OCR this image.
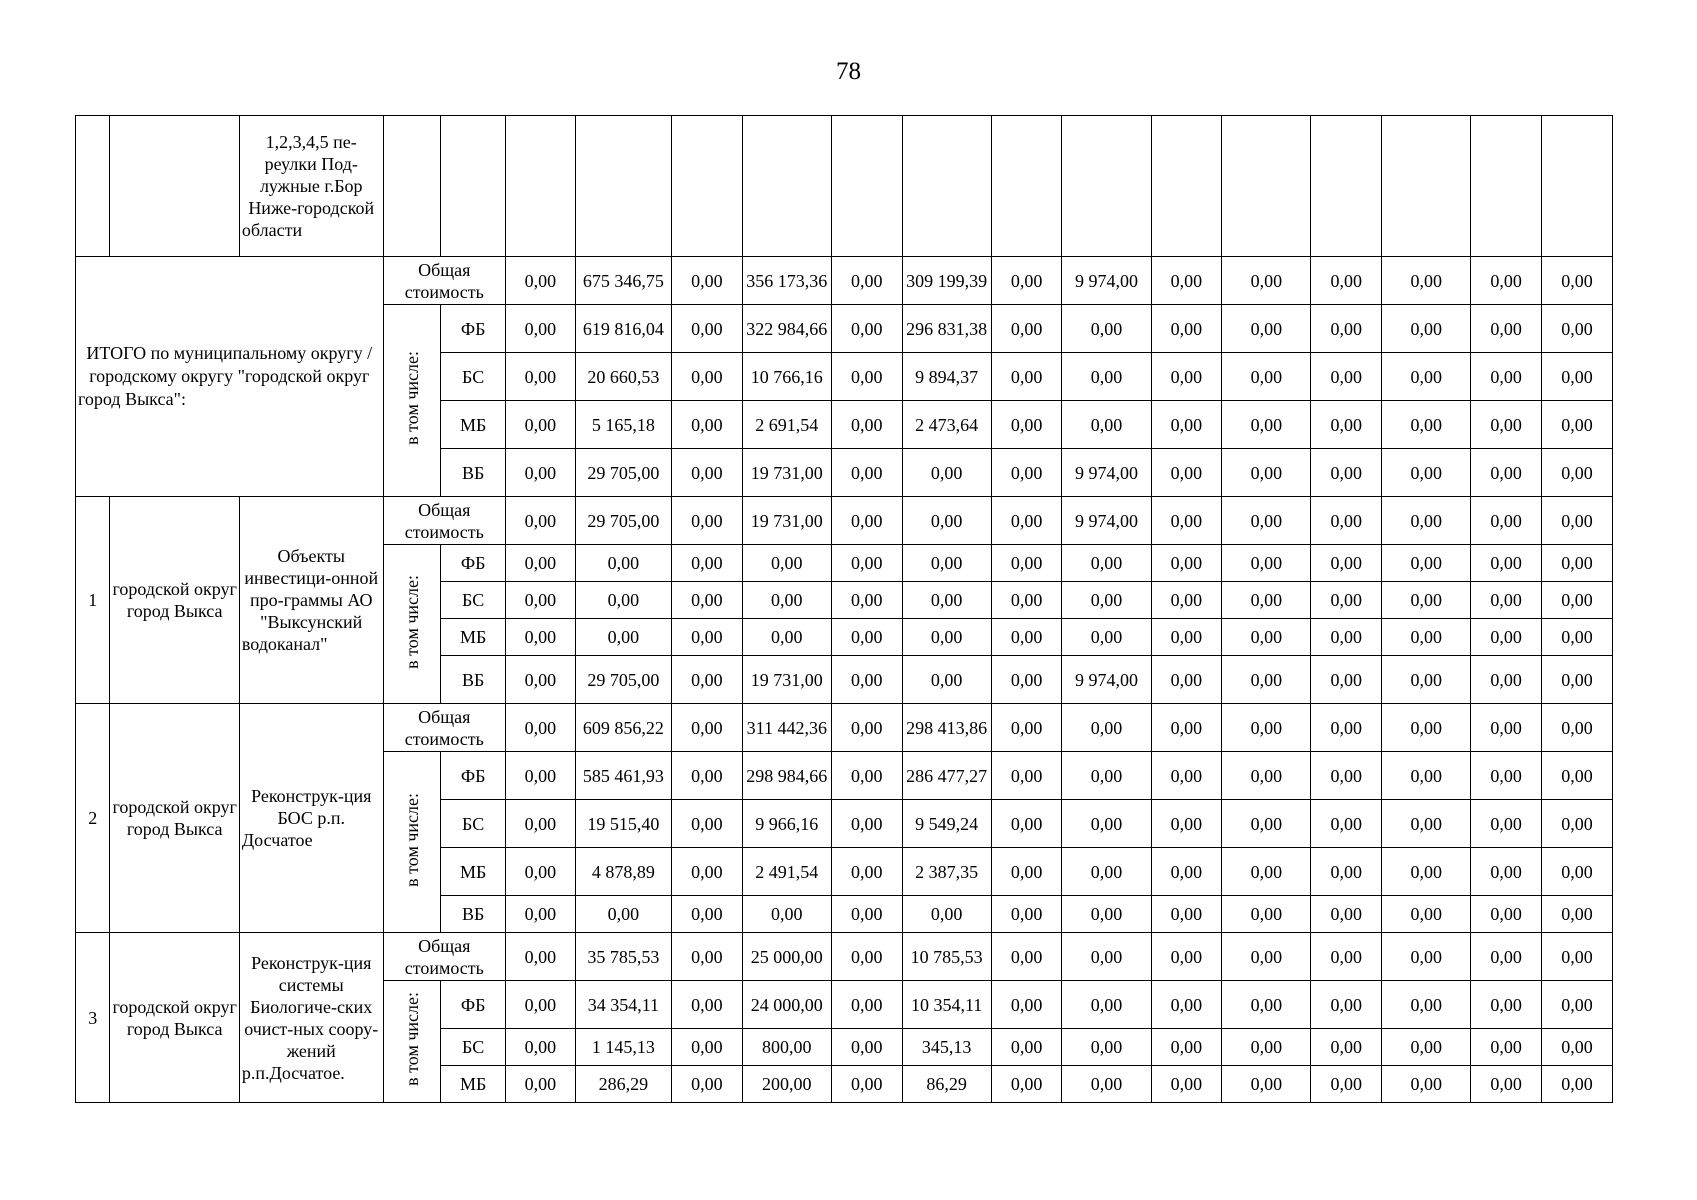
78
		1,2,3,4,5 пе-реулки Под-лужные г.Бор Ниже-городской области																
ИТОГО по муниципальному округу / городскому округу "городской округ город Выкса":			Общая стоимость		0,00	675 346,75	0,00	356 173,36	0,00	309 199,39	0,00	9 974,00	0,00	0,00	0,00	0,00	0,00	0,00
			в том числе:	ФБ	0,00	619 816,04	0,00	322 984,66	0,00	296 831,38	0,00	0,00	0,00	0,00	0,00	0,00	0,00	0,00
				БС	0,00	20 660,53	0,00	10 766,16	0,00	9 894,37	0,00	0,00	0,00	0,00	0,00	0,00	0,00	0,00
				МБ	0,00	5 165,18	0,00	2 691,54	0,00	2 473,64	0,00	0,00	0,00	0,00	0,00	0,00	0,00	0,00
				ВБ	0,00	29 705,00	0,00	19 731,00	0,00	0,00	0,00	9 974,00	0,00	0,00	0,00	0,00	0,00	0,00
1	городской округ город Выкса	Объекты инвестици-онной про-граммы АО "Выксунский водоканал"	Общая стоимость		0,00	29 705,00	0,00	19 731,00	0,00	0,00	0,00	9 974,00	0,00	0,00	0,00	0,00	0,00	0,00
			в том числе:	ФБ	0,00	0,00	0,00	0,00	0,00	0,00	0,00	0,00	0,00	0,00	0,00	0,00	0,00	0,00
				БС	0,00	0,00	0,00	0,00	0,00	0,00	0,00	0,00	0,00	0,00	0,00	0,00	0,00	0,00
				МБ	0,00	0,00	0,00	0,00	0,00	0,00	0,00	0,00	0,00	0,00	0,00	0,00	0,00	0,00
				ВБ	0,00	29 705,00	0,00	19 731,00	0,00	0,00	0,00	9 974,00	0,00	0,00	0,00	0,00	0,00	0,00
2	городской округ город Выкса	Реконструк-ция БОС р.п. Досчатое	Общая стоимость		0,00	609 856,22	0,00	311 442,36	0,00	298 413,86	0,00	0,00	0,00	0,00	0,00	0,00	0,00	0,00
			в том числе:	ФБ	0,00	585 461,93	0,00	298 984,66	0,00	286 477,27	0,00	0,00	0,00	0,00	0,00	0,00	0,00	0,00
				БС	0,00	19 515,40	0,00	9 966,16	0,00	9 549,24	0,00	0,00	0,00	0,00	0,00	0,00	0,00	0,00
				МБ	0,00	4 878,89	0,00	2 491,54	0,00	2 387,35	0,00	0,00	0,00	0,00	0,00	0,00	0,00	0,00
				ВБ	0,00	0,00	0,00	0,00	0,00	0,00	0,00	0,00	0,00	0,00	0,00	0,00	0,00	0,00
3	городской округ город Выкса	Реконструк-ция системы Биологиче-ских очист-ных соору-жений р.п.Досчатое.	Общая стоимость		0,00	35 785,53	0,00	25 000,00	0,00	10 785,53	0,00	0,00	0,00	0,00	0,00	0,00	0,00	0,00
			в том числе:	ФБ	0,00	34 354,11	0,00	24 000,00	0,00	10 354,11	0,00	0,00	0,00	0,00	0,00	0,00	0,00	0,00
				БС	0,00	1 145,13	0,00	800,00	0,00	345,13	0,00	0,00	0,00	0,00	0,00	0,00	0,00	0,00
				МБ	0,00	286,29	0,00	200,00	0,00	86,29	0,00	0,00	0,00	0,00	0,00	0,00	0,00	0,00
